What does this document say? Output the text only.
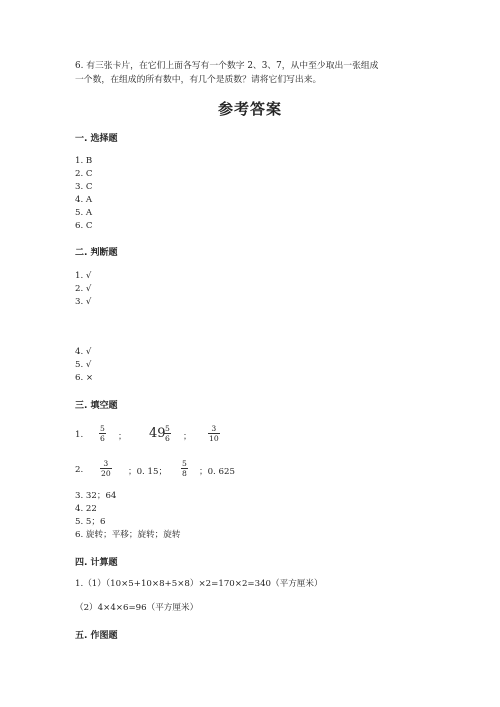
6. 有三张卡片，在它们上面各写有一个数字 2、3、7，从中至少取出一张组成
一个数，在组成的所有数中，有几个是质数？请将它们写出来。
参考答案
一. 选择题
1. B
2. C
3. C
4. A
5. A
6. C
二. 判断题
1. √
2. √
3. √
4. √
5. √
6. ×
三. 填空题
1. $\frac{5}{6}$ ； 49
$\frac{5}{6}$ ； $\frac{3}{10}$
2. $\frac{3}{20}$ ；0. 15； $\frac{5}{8}$ ；0. 625
3. 32；64
4. 22
5. 5；6
6. 旋转；平移；旋转；旋转
四. 计算题
1.（1）（10×5+10×8+5×8）×2=170×2=340（平方厘米）
（2）4×4×6=96（平方厘米）
五. 作图题
